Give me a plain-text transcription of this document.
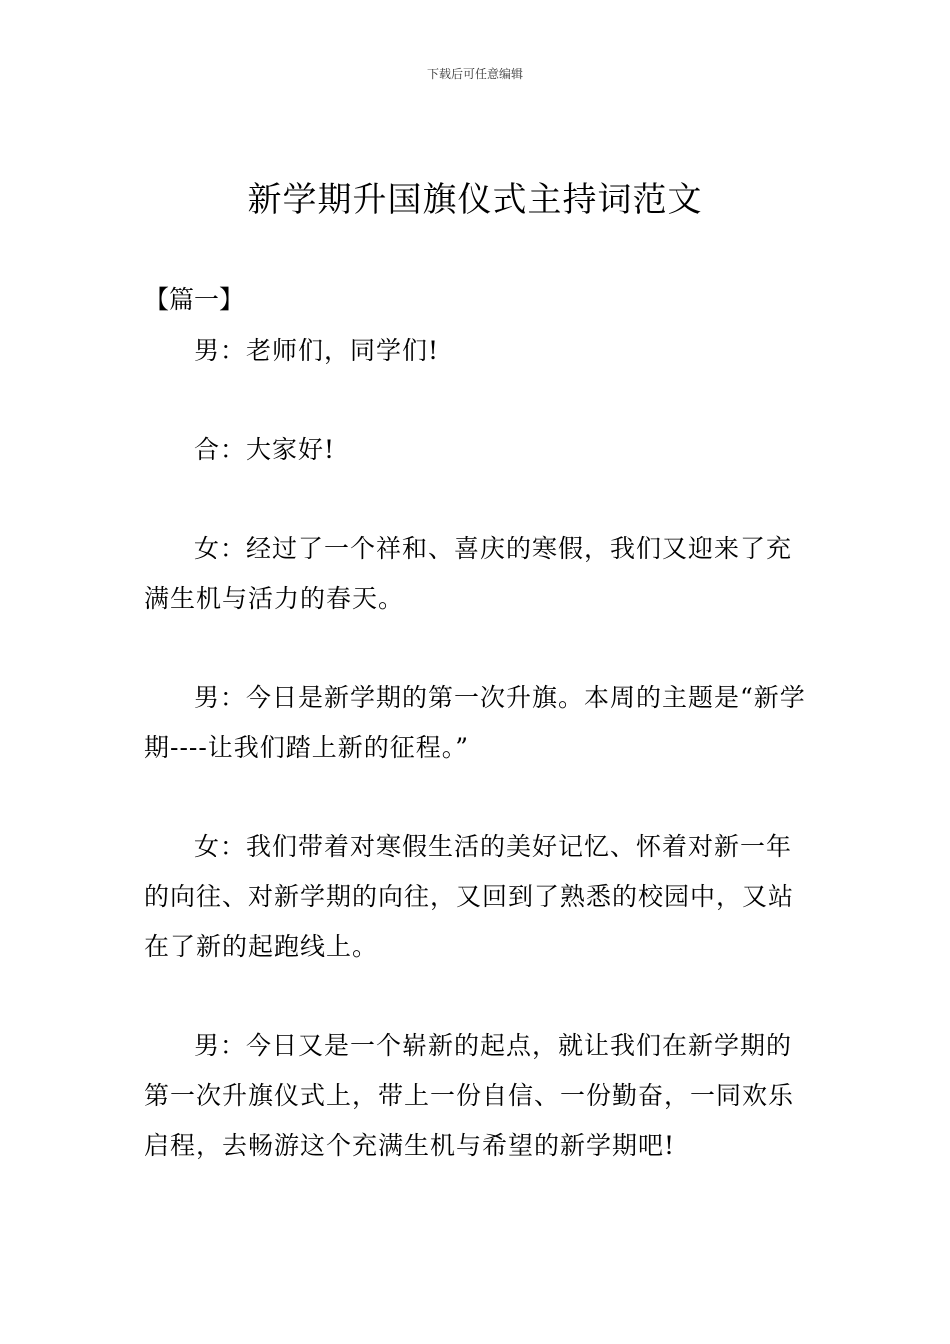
下载后可任意编辑
新学期升国旗仪式主持词范文
【篇一】

男：老师们，同学们!

合：大家好!

女：经过了一个祥和、喜庆的寒假，我们又迎来了充满生机与活力的春天。

男：今日是新学期的第一次升旗。本周的主题是“新学期----让我们踏上新的征程。”

女：我们带着对寒假生活的美好记忆、怀着对新一年的向往、对新学期的向往，又回到了熟悉的校园中，又站在了新的起跑线上。

男：今日又是一个崭新的起点，就让我们在新学期的第一次升旗仪式上，带上一份自信、一份勤奋，一同欢乐启程，去畅游这个充满生机与希望的新学期吧!
